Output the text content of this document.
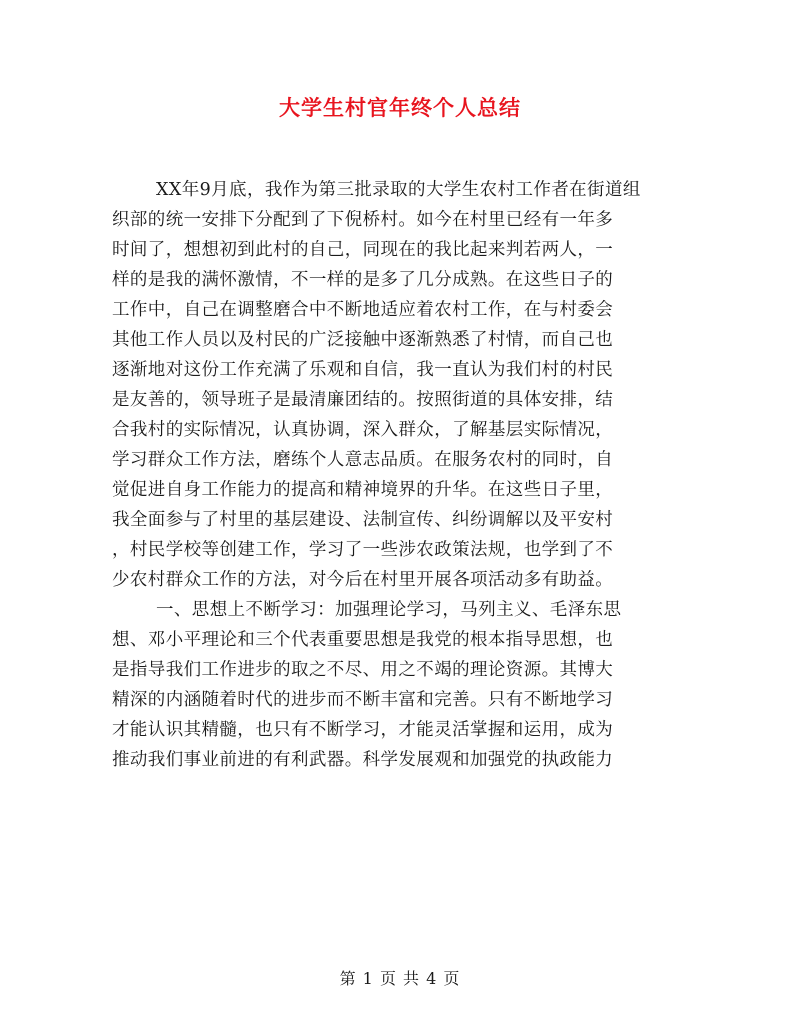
大学生村官年终个人总结
XX年9月底，我作为第三批录取的大学生农村工作者在街道组
织部的统一安排下分配到了下倪桥村。如今在村里已经有一年多
时间了，想想初到此村的自己，同现在的我比起来判若两人，一
样的是我的满怀激情，不一样的是多了几分成熟。在这些日子的
工作中，自己在调整磨合中不断地适应着农村工作，在与村委会
其他工作人员以及村民的广泛接触中逐渐熟悉了村情，而自己也
逐渐地对这份工作充满了乐观和自信，我一直认为我们村的村民
是友善的，领导班子是最清廉团结的。按照街道的具体安排，结
合我村的实际情况，认真协调，深入群众，了解基层实际情况，
学习群众工作方法，磨练个人意志品质。在服务农村的同时，自
觉促进自身工作能力的提高和精神境界的升华。在这些日子里，
我全面参与了村里的基层建设、法制宣传、纠纷调解以及平安村
，村民学校等创建工作，学习了一些涉农政策法规，也学到了不
少农村群众工作的方法，对今后在村里开展各项活动多有助益。
一、思想上不断学习：加强理论学习，马列主义、毛泽东思
想、邓小平理论和三个代表重要思想是我党的根本指导思想，也
是指导我们工作进步的取之不尽、用之不竭的理论资源。其博大
精深的内涵随着时代的进步而不断丰富和完善。只有不断地学习
才能认识其精髓，也只有不断学习，才能灵活掌握和运用，成为
推动我们事业前进的有利武器。科学发展观和加强党的执政能力
第 1 页 共 4 页
